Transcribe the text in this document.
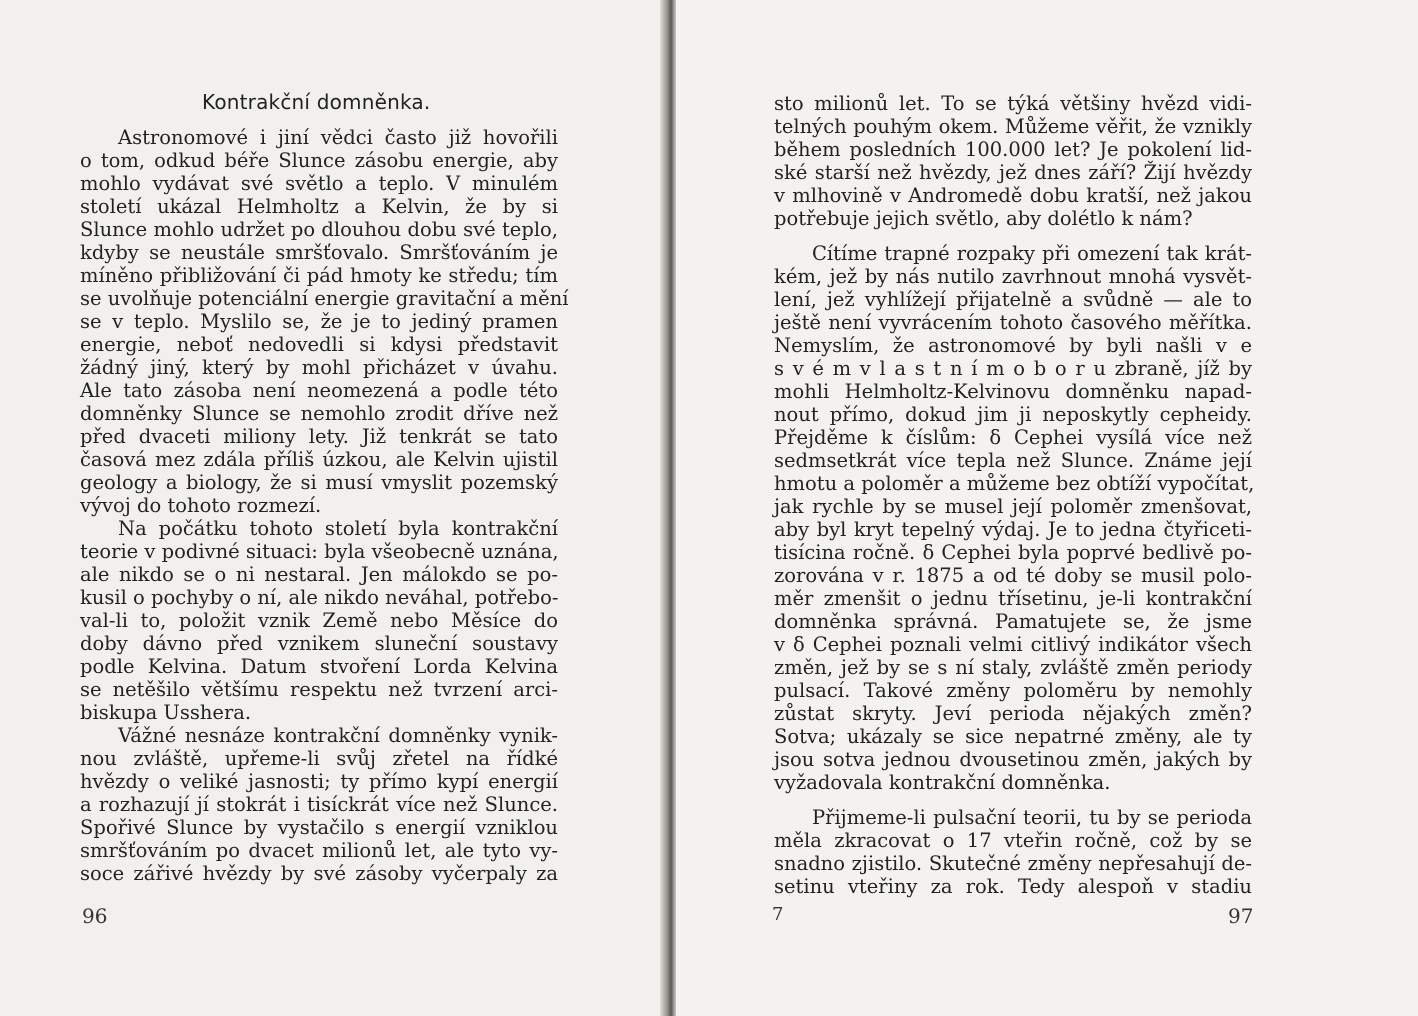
Kontrakční domněnka.
Astronomové i jiní vědci často již hovořili
o tom, odkud béře Slunce zásobu energie, aby
mohlo vydávat své světlo a teplo. V minulém
století ukázal Helmholtz a Kelvin, že by si
Slunce mohlo udržet po dlouhou dobu své teplo,
kdyby se neustále smršťovalo. Smršťováním je
míněno přibližování či pád hmoty ke středu; tím
se uvolňuje potenciální energie gravitační a mění
se v teplo. Myslilo se, že je to jediný pramen
energie, neboť nedovedli si kdysi představit
žádný jiný, který by mohl přicházet v úvahu.
Ale tato zásoba není neomezená a podle této
domněnky Slunce se nemohlo zrodit dříve než
před dvaceti miliony lety. Již tenkrát se tato
časová mez zdála příliš úzkou, ale Kelvin ujistil
geology a biology, že si musí vmyslit pozemský
vývoj do tohoto rozmezí.
Na počátku tohoto století byla kontrakční
teorie v podivné situaci: byla všeobecně uznána,
ale nikdo se o ni nestaral. Jen málokdo se po-
kusil o pochyby o ní, ale nikdo neváhal, potřebo-
val-li to, položit vznik Země nebo Měsíce do
doby dávno před vznikem sluneční soustavy
podle Kelvina. Datum stvoření Lorda Kelvina
se netěšilo většímu respektu než tvrzení arci-
biskupa Usshera.
Vážné nesnáze kontrakční domněnky vynik-
nou zvláště, upřeme-li svůj zřetel na řídké
hvězdy o veliké jasnosti; ty přímo kypí energií
a rozhazují jí stokrát i tisíckrát více než Slunce.
Spořivé Slunce by vystačilo s energií vzniklou
smršťováním po dvacet milionů let, ale tyto vy-
soce zářivé hvězdy by své zásoby vyčerpaly za
96
sto milionů let. To se týká většiny hvězd vidi-
telných pouhým okem. Můžeme věřit, že vznikly
během posledních 100.000 let? Je pokolení lid-
ské starší než hvězdy, jež dnes září? Žijí hvězdy
v mlhovině v Andromedě dobu kratší, než jakou
potřebuje jejich světlo, aby dolétlo k nám?
Cítíme trapné rozpaky při omezení tak krát-
kém, jež by nás nutilo zavrhnout mnohá vysvět-
lení, jež vyhlížejí přijatelně a svůdně — ale to
ještě není vyvrácením tohoto časového měřítka.
Nemyslím, že astronomové by byli našli v e
s v é m v l a s t n í m o b o r u zbraně, jíž by
mohli Helmholtz-Kelvinovu domněnku napad-
nout přímo, dokud jim ji neposkytly cepheidy.
Přejděme k číslům: δ Cephei vysílá více než
sedmsetkrát více tepla než Slunce. Známe její
hmotu a poloměr a můžeme bez obtíží vypočítat,
jak rychle by se musel její poloměr zmenšovat,
aby byl kryt tepelný výdaj. Je to jedna čtyřiceti-
tisícina ročně. δ Cephei byla poprvé bedlivě po-
zorována v r. 1875 a od té doby se musil polo-
měr zmenšit o jednu třísetinu, je-li kontrakční
domněnka správná. Pamatujete se, že jsme
v δ Cephei poznali velmi citlivý indikátor všech
změn, jež by se s ní staly, zvláště změn periody
pulsací. Takové změny poloměru by nemohly
zůstat skryty. Jeví perioda nějakých změn?
Sotva; ukázaly se sice nepatrné změny, ale ty
jsou sotva jednou dvousetinou změn, jakých by
vyžadovala kontrakční domněnka.
Přijmeme-li pulsační teorii, tu by se perioda
měla zkracovat o 17 vteřin ročně, což by se
snadno zjistilo. Skutečné změny nepřesahují de-
setinu vteřiny za rok. Tedy alespoň v stadiu
7	97
